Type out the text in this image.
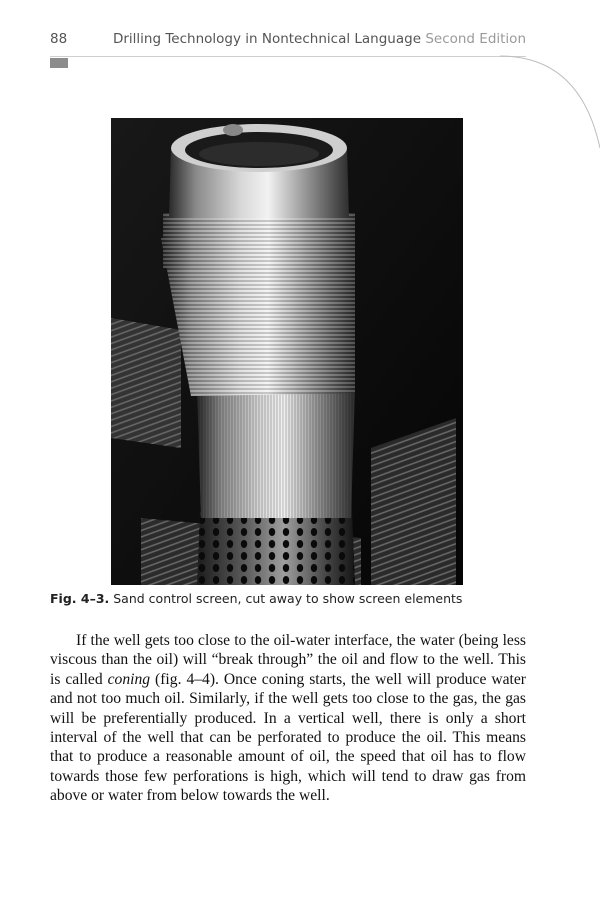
88	Drilling Technology in Nontechnical Language Second Edition
Fig. 4–3. Sand control screen, cut away to show screen elements

If the well gets too close to the oil-water interface, the water (being less viscous than the oil) will “break through” the oil and flow to the well. This is called coning (fig. 4–4). Once coning starts, the well will produce water and not too much oil. Similarly, if the well gets too close to the gas, the gas will be preferentially produced. In a vertical well, there is only a short interval of the well that can be perforated to produce the oil. This means that to produce a reasonable amount of oil, the speed that oil has to flow towards those few perforations is high, which will tend to draw gas from above or water from below towards the well.
